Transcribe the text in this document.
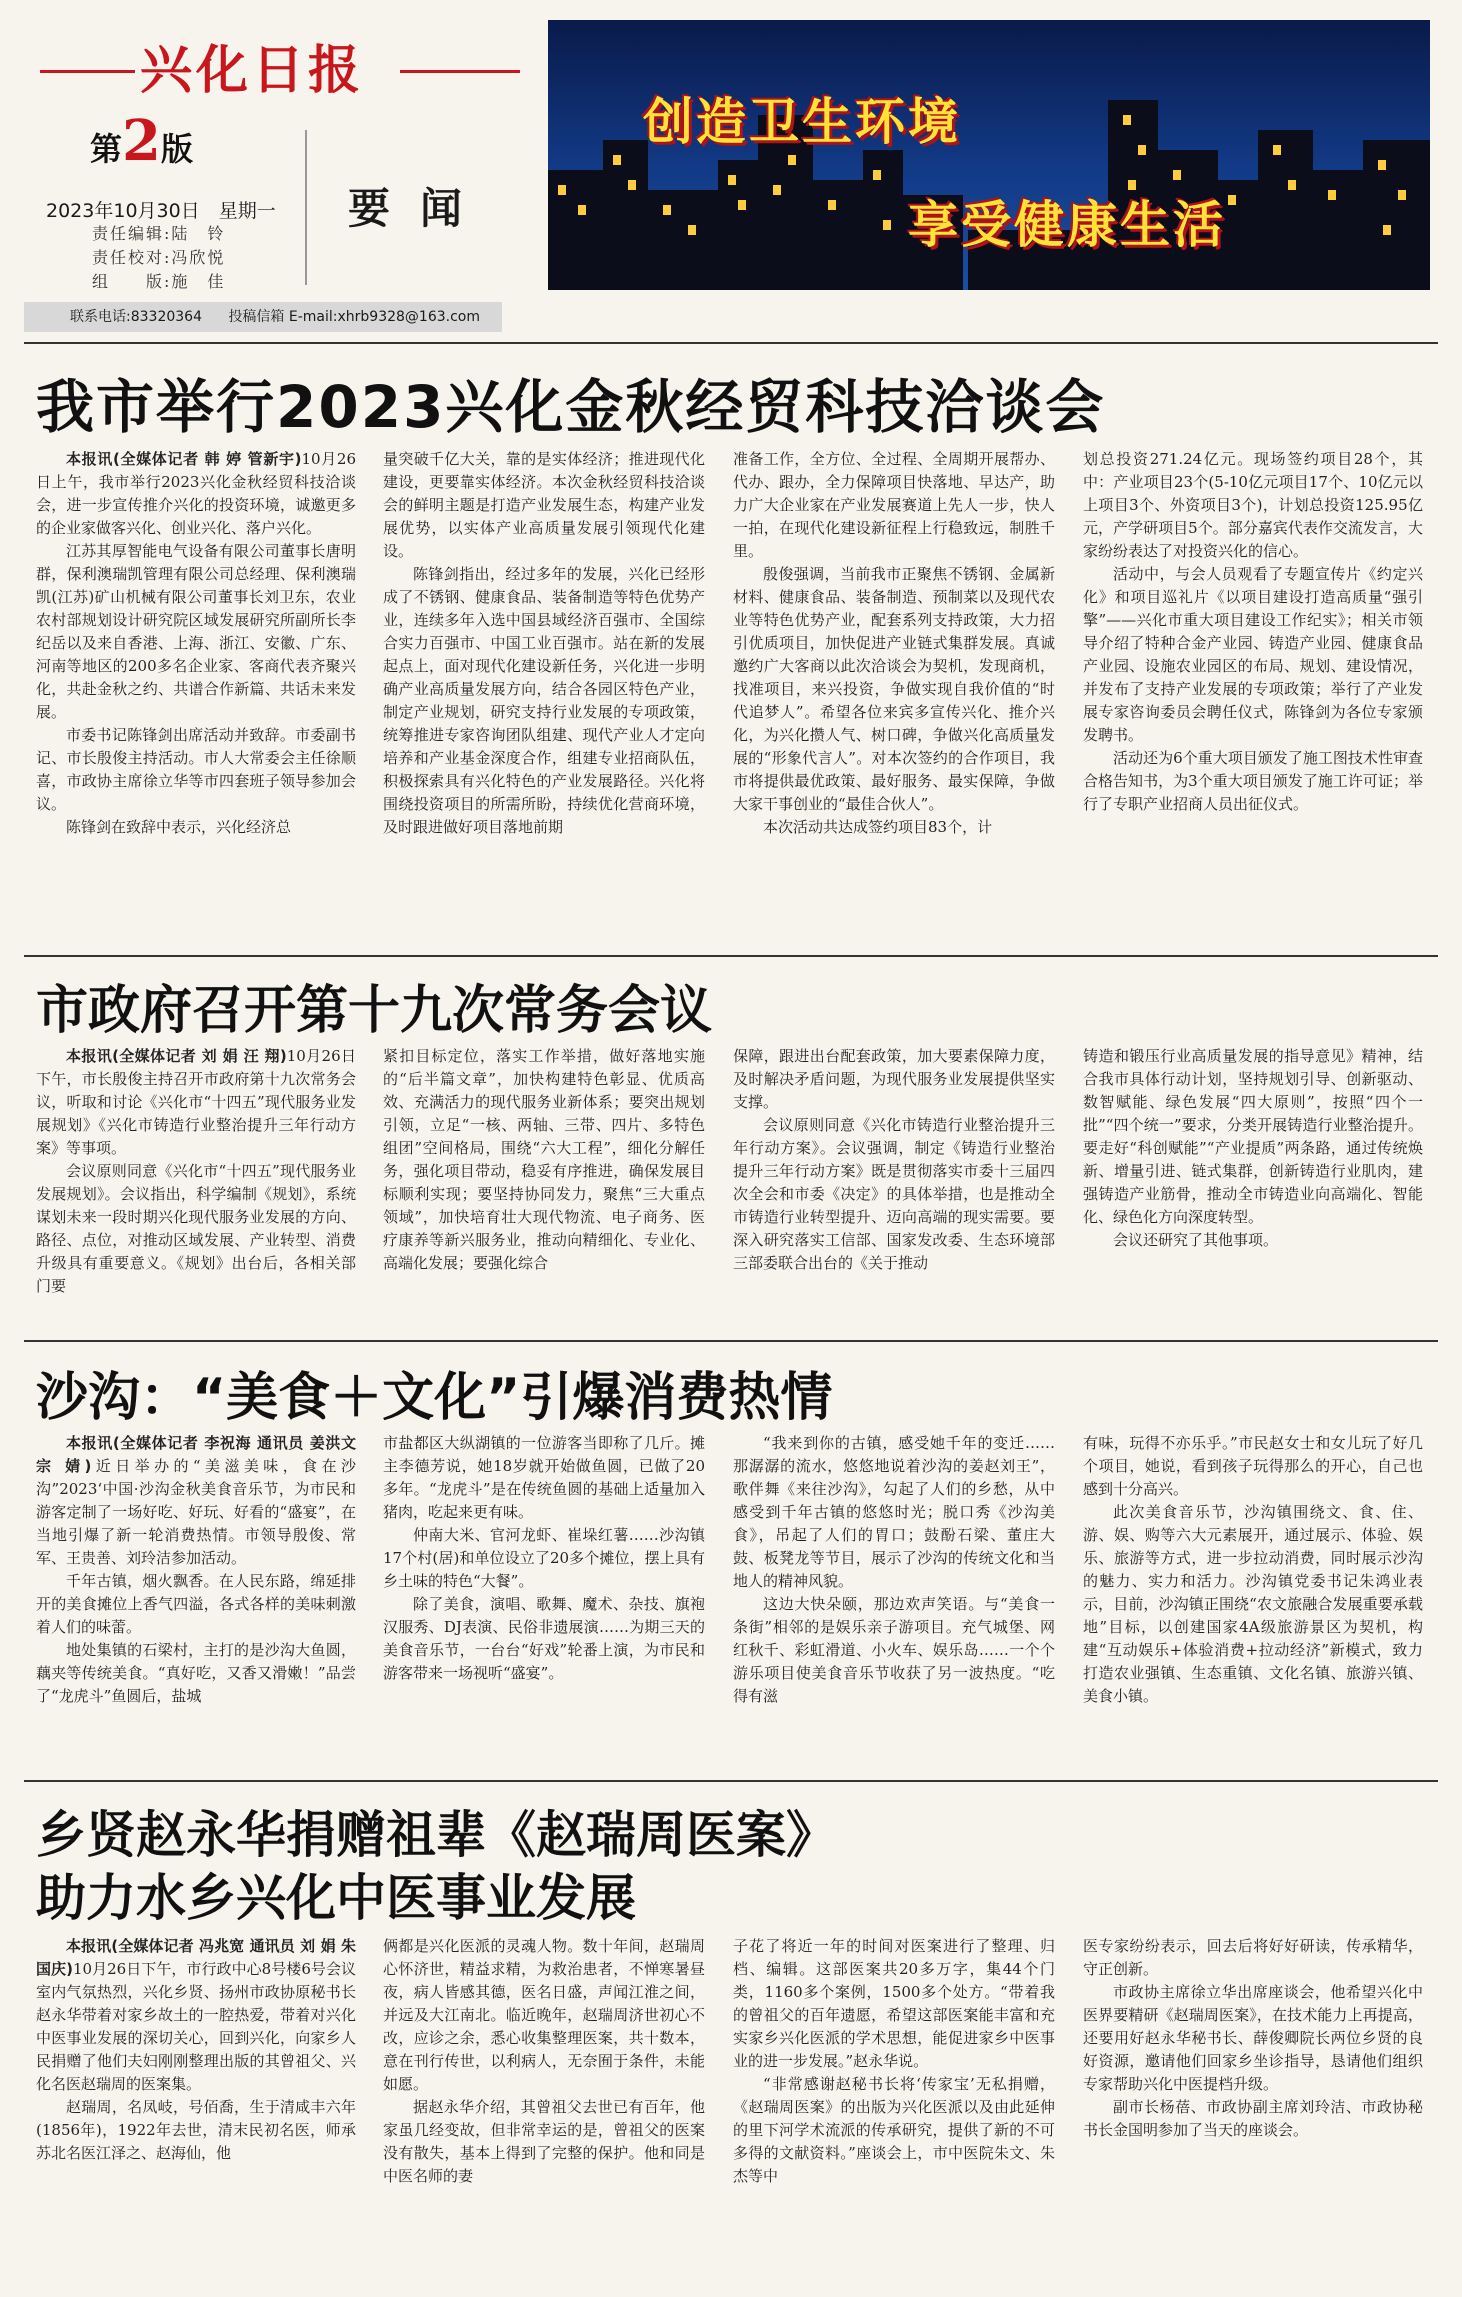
兴化日报
第2版
2023年10月30日　星期一
责任编辑:陆　铃
责任校对:冯欣悦
组　　版:施　佳
要闻
联系电话:83320364 投稿信箱 E-mail:xhrb9328@163.com
创造卫生环境
享受健康生活
我市举行2023兴化金秋经贸科技洽谈会

本报讯(全媒体记者 韩 婷 管新宇)10月26日上午，我市举行2023兴化金秋经贸科技洽谈会，进一步宣传推介兴化的投资环境，诚邀更多的企业家做客兴化、创业兴化、落户兴化。

江苏其厚智能电气设备有限公司董事长唐明群，保利澳瑞凯管理有限公司总经理、保利澳瑞凯(江苏)矿山机械有限公司董事长刘卫东，农业农村部规划设计研究院区域发展研究所副所长李纪岳以及来自香港、上海、浙江、安徽、广东、河南等地区的200多名企业家、客商代表齐聚兴化，共赴金秋之约、共谱合作新篇、共话未来发展。

市委书记陈锋剑出席活动并致辞。市委副书记、市长殷俊主持活动。市人大常委会主任徐顺喜，市政协主席徐立华等市四套班子领导参加会议。

陈锋剑在致辞中表示，兴化经济总

量突破千亿大关，靠的是实体经济；推进现代化建设，更要靠实体经济。本次金秋经贸科技洽谈会的鲜明主题是打造产业发展生态，构建产业发展优势，以实体产业高质量发展引领现代化建设。

陈锋剑指出，经过多年的发展，兴化已经形成了不锈钢、健康食品、装备制造等特色优势产业，连续多年入选中国县域经济百强市、全国综合实力百强市、中国工业百强市。站在新的发展起点上，面对现代化建设新任务，兴化进一步明确产业高质量发展方向，结合各园区特色产业，制定产业规划，研究支持行业发展的专项政策，统筹推进专家咨询团队组建、现代产业人才定向培养和产业基金深度合作，组建专业招商队伍，积极探索具有兴化特色的产业发展路径。兴化将围绕投资项目的所需所盼，持续优化营商环境，及时跟进做好项目落地前期

准备工作，全方位、全过程、全周期开展帮办、代办、跟办，全力保障项目快落地、早达产，助力广大企业家在产业发展赛道上先人一步，快人一拍，在现代化建设新征程上行稳致远，制胜千里。

殷俊强调，当前我市正聚焦不锈钢、金属新材料、健康食品、装备制造、预制菜以及现代农业等特色优势产业，配套系列支持政策，大力招引优质项目，加快促进产业链式集群发展。真诚邀约广大客商以此次洽谈会为契机，发现商机，找准项目，来兴投资，争做实现自我价值的“时代追梦人”。希望各位来宾多宣传兴化、推介兴化，为兴化攒人气、树口碑，争做兴化高质量发展的“形象代言人”。对本次签约的合作项目，我市将提供最优政策、最好服务、最实保障，争做大家干事创业的“最佳合伙人”。

本次活动共达成签约项目83个，计

划总投资271.24亿元。现场签约项目28个，其中：产业项目23个(5-10亿元项目17个、10亿元以上项目3个、外资项目3个)，计划总投资125.95亿元，产学研项目5个。部分嘉宾代表作交流发言，大家纷纷表达了对投资兴化的信心。

活动中，与会人员观看了专题宣传片《约定兴化》和项目巡礼片《以项目建设打造高质量“强引擎”——兴化市重大项目建设工作纪实》；相关市领导介绍了特种合金产业园、铸造产业园、健康食品产业园、设施农业园区的布局、规划、建设情况，并发布了支持产业发展的专项政策；举行了产业发展专家咨询委员会聘任仪式，陈锋剑为各位专家颁发聘书。

活动还为6个重大项目颁发了施工图技术性审查合格告知书，为3个重大项目颁发了施工许可证；举行了专职产业招商人员出征仪式。

市政府召开第十九次常务会议

本报讯(全媒体记者 刘 娟 汪 翔)10月26日下午，市长殷俊主持召开市政府第十九次常务会议，听取和讨论《兴化市“十四五”现代服务业发展规划》《兴化市铸造行业整治提升三年行动方案》等事项。

会议原则同意《兴化市“十四五”现代服务业发展规划》。会议指出，科学编制《规划》，系统谋划未来一段时期兴化现代服务业发展的方向、路径、点位，对推动区域发展、产业转型、消费升级具有重要意义。《规划》出台后，各相关部门要

紧扣目标定位，落实工作举措，做好落地实施的“后半篇文章”，加快构建特色彰显、优质高效、充满活力的现代服务业新体系；要突出规划引领，立足“一核、两轴、三带、四片、多特色组团”空间格局，围绕“六大工程”，细化分解任务，强化项目带动，稳妥有序推进，确保发展目标顺利实现；要坚持协同发力，聚焦“三大重点领域”，加快培育壮大现代物流、电子商务、医疗康养等新兴服务业，推动向精细化、专业化、高端化发展；要强化综合

保障，跟进出台配套政策，加大要素保障力度，及时解决矛盾问题，为现代服务业发展提供坚实支撑。

会议原则同意《兴化市铸造行业整治提升三年行动方案》。会议强调，制定《铸造行业整治提升三年行动方案》既是贯彻落实市委十三届四次全会和市委《决定》的具体举措，也是推动全市铸造行业转型提升、迈向高端的现实需要。要深入研究落实工信部、国家发改委、生态环境部三部委联合出台的《关于推动

铸造和锻压行业高质量发展的指导意见》精神，结合我市具体行动计划，坚持规划引导、创新驱动、数智赋能、绿色发展“四大原则”，按照“四个一批”“四个统一”要求，分类开展铸造行业整治提升。要走好“科创赋能”“产业提质”两条路，通过传统焕新、增量引进、链式集群，创新铸造行业肌肉，建强铸造产业筋骨，推动全市铸造业向高端化、智能化、绿色化方向深度转型。

会议还研究了其他事项。

沙沟：“美食＋文化”引爆消费热情

本报讯(全媒体记者 李祝海 通讯员 姜洪文 宗 婧)近日举办的“美滋美味，食在沙沟”2023‘中国·沙沟金秋美食音乐节，为市民和游客定制了一场好吃、好玩、好看的“盛宴”，在当地引爆了新一轮消费热情。市领导殷俊、常军、王贵善、刘玲洁参加活动。

千年古镇，烟火飘香。在人民东路，绵延排开的美食摊位上香气四溢，各式各样的美味刺激着人们的味蕾。

地处集镇的石梁村，主打的是沙沟大鱼圆，藕夹等传统美食。“真好吃，又香又滑嫩！”品尝了“龙虎斗”鱼圆后，盐城

市盐都区大纵湖镇的一位游客当即称了几斤。摊主李德芳说，她18岁就开始做鱼圆，已做了20多年。“龙虎斗”是在传统鱼圆的基础上适量加入猪肉，吃起来更有味。

仲南大米、官河龙虾、崔垛红薯……沙沟镇17个村(居)和单位设立了20多个摊位，摆上具有乡土味的特色“大餐”。

除了美食，演唱、歌舞、魔术、杂技、旗袍汉服秀、DJ表演、民俗非遗展演……为期三天的美食音乐节，一台台“好戏”轮番上演，为市民和游客带来一场视听“盛宴”。

“我来到你的古镇，感受她千年的变迁……那潺潺的流水，悠悠地说着沙沟的姜赵刘王”，歌伴舞《来往沙沟》，勾起了人们的乡愁，从中感受到千年古镇的悠悠时光；脱口秀《沙沟美食》，吊起了人们的胃口；鼓酚石梁、董庄大鼓、板凳龙等节目，展示了沙沟的传统文化和当地人的精神风貌。

这边大快朵颐，那边欢声笑语。与“美食一条街”相邻的是娱乐亲子游项目。充气城堡、网红秋千、彩虹滑道、小火车、娱乐岛……一个个游乐项目使美食音乐节收获了另一波热度。“吃得有滋

有味，玩得不亦乐乎。”市民赵女士和女儿玩了好几个项目，她说，看到孩子玩得那么的开心，自己也感到十分高兴。

此次美食音乐节，沙沟镇围绕文、食、住、游、娱、购等六大元素展开，通过展示、体验、娱乐、旅游等方式，进一步拉动消费，同时展示沙沟的魅力、实力和活力。沙沟镇党委书记朱鸿业表示，目前，沙沟镇正围绕“农文旅融合发展重要承载地”目标，以创建国家4A级旅游景区为契机，构建“互动娱乐+体验消费+拉动经济”新模式，致力打造农业强镇、生态重镇、文化名镇、旅游兴镇、美食小镇。

乡贤赵永华捐赠祖辈《赵瑞周医案》
助力水乡兴化中医事业发展

本报讯(全媒体记者 冯兆宽 通讯员 刘 娟 朱国庆)10月26日下午，市行政中心8号楼6号会议室内气氛热烈，兴化乡贤、扬州市政协原秘书长赵永华带着对家乡故土的一腔热爱，带着对兴化中医事业发展的深切关心，回到兴化，向家乡人民捐赠了他们夫妇刚刚整理出版的其曾祖父、兴化名医赵瑞周的医案集。

赵瑞周，名凤岐，号佰喬，生于清咸丰六年(1856年)，1922年去世，清末民初名医，师承苏北名医江泽之、赵海仙，他

俩都是兴化医派的灵魂人物。数十年间，赵瑞周心怀济世，精益求精，为救治患者，不惮寒暑昼夜，病人皆感其德，医名日盛，声闻江淮之间，并远及大江南北。临近晚年，赵瑞周济世初心不改，应诊之余，悉心收集整理医案，共十数本，意在刊行传世，以利病人，无奈囿于条件，未能如愿。

据赵永华介绍，其曾祖父去世已有百年，他家虽几经变故，但非常幸运的是，曾祖父的医案没有散失，基本上得到了完整的保护。他和同是中医名师的妻

子花了将近一年的时间对医案进行了整理、归档、编辑。这部医案共20多万字，集44个门类，1160多个案例，1500多个处方。“带着我的曾祖父的百年遗愿，希望这部医案能丰富和充实家乡兴化医派的学术思想，能促进家乡中医事业的进一步发展。”赵永华说。

“非常感谢赵秘书长将‘传家宝’无私捐赠，《赵瑞周医案》的出版为兴化医派以及由此延伸的里下河学术流派的传承研究，提供了新的不可多得的文献资料。”座谈会上，市中医院朱文、朱杰等中

医专家纷纷表示，回去后将好好研读，传承精华，守正创新。

市政协主席徐立华出席座谈会，他希望兴化中医界要精研《赵瑞周医案》，在技术能力上再提高，还要用好赵永华秘书长、薛俊卿院长两位乡贤的良好资源，邀请他们回家乡坐诊指导，恳请他们组织专家帮助兴化中医提档升级。

副市长杨蓓、市政协副主席刘玲洁、市政协秘书长金国明参加了当天的座谈会。
